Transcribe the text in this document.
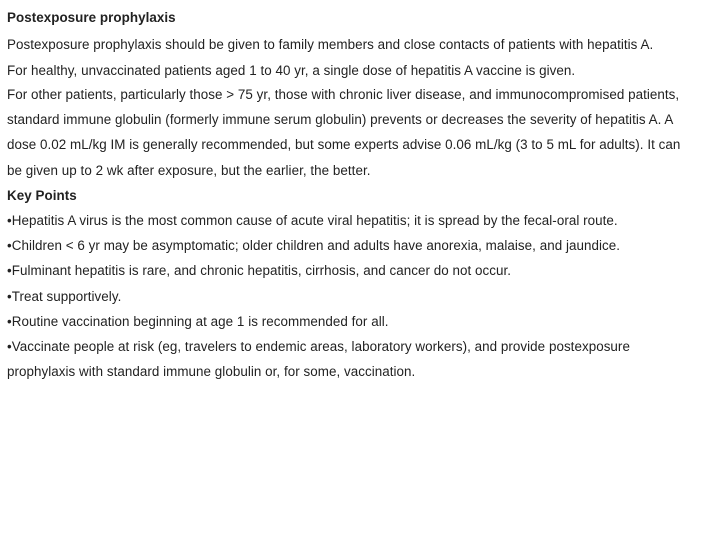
Postexposure prophylaxis
Postexposure prophylaxis should be given to family members and close contacts of patients with hepatitis A.
For healthy, unvaccinated patients aged 1 to 40 yr, a single dose of hepatitis A vaccine is given.
For other patients, particularly those > 75 yr, those with chronic liver disease, and immunocompromised patients,
standard immune globulin (formerly immune serum globulin) prevents or decreases the severity of hepatitis A. A
dose 0.02 mL/kg IM is generally recommended, but some experts advise 0.06 mL/kg (3 to 5 mL for adults). It can
be given up to 2 wk after exposure, but the earlier, the better.
Key Points
•Hepatitis A virus is the most common cause of acute viral hepatitis; it is spread by the fecal-oral route.
•Children < 6 yr may be asymptomatic; older children and adults have anorexia, malaise, and jaundice.
•Fulminant hepatitis is rare, and chronic hepatitis, cirrhosis, and cancer do not occur.
•Treat supportively.
•Routine vaccination beginning at age 1 is recommended for all.
•Vaccinate people at risk (eg, travelers to endemic areas, laboratory workers), and provide postexposure
prophylaxis with standard immune globulin or, for some, vaccination.
